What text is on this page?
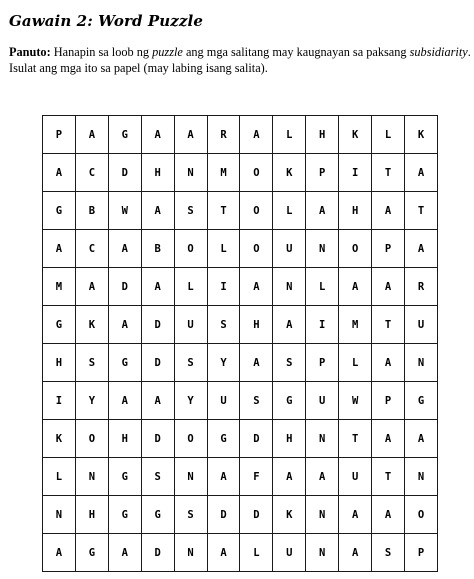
Gawain 2: Word Puzzle
Panuto: Hanapin sa loob ng puzzle ang mga salitang may kaugnayan sa paksang subsidiarity. Isulat ang mga ito sa papel (may labing isang salita).
P	A	G	A	A	R	A	L	H	K	L	K
A	C	D	H	N	M	O	K	P	I	T	A
G	B	W	A	S	T	O	L	A	H	A	T
A	C	A	B	O	L	O	U	N	O	P	A
M	A	D	A	L	I	A	N	L	A	A	R
G	K	A	D	U	S	H	A	I	M	T	U
H	S	G	D	S	Y	A	S	P	L	A	N
I	Y	A	A	Y	U	S	G	U	W	P	G
K	O	H	D	O	G	D	H	N	T	A	A
L	N	G	S	N	A	F	A	A	U	T	N
N	H	G	G	S	D	D	K	N	A	A	O
A	G	A	D	N	A	L	U	N	A	S	P
